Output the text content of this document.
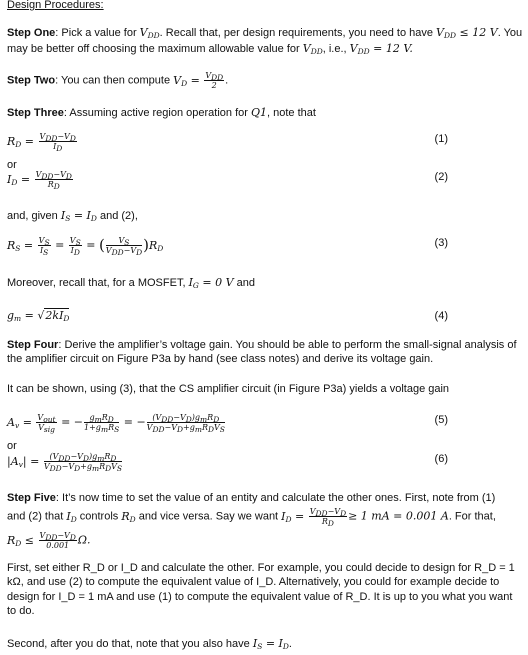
Design Procedures:
Step One: Pick a value for $V_{DD}$. Recall that, per design requirements, you need to have $V_{DD} \le 12$ V. You
may be better off choosing the maximum allowable value for $V_{DD}$, i.e., $V_{DD} = 12$ V.
Step Two: You can then compute $V_D = \frac{V_{DD}}{2}$ .
Step Three: Assuming active region operation for Q1, note that
$R_D = \frac{V_{DD}-V_D}{I_D}$	(1)
or
$I_D = \frac{V_{DD}-V_D}{R_D}$	(2)
and, given $I_S = I_D$ and (2),
$R_S = \frac{V_S}{I_S} = \frac{V_S}{I_D}$ = ( $\frac{V_S}{V_{DD}-V_D} )R_D$	(3)
Moreover, recall that, for a MOSFET, $I_G = 0$ V and
$g_m = √2kI_D$	(4)
Step Four: Derive the amplifier’s voltage gain. You should be able to perform the small-signal analysis of the amplifier circuit on Figure P3a by hand (see class notes) and derive its voltage gain.
It can be shown, using (3), that the CS amplifier circuit (in Figure P3a) yields a voltage gain
$A_v = \frac{V_{out}}{V_{sig}}$ = − $\frac{g_mR_D}{1+g_mR_S}$ = − $\frac{(V_{DD}-V_D)g_mR_D}{V_{DD}-V_D+g_mR_DV_S}$	(5)
or
$|A_v| = \frac{(V_{DD}-V_D)g_mR_D}{V_{DD}-V_D+g_mR_DV_S}$	(6)
Step Five: It’s now time to set the value of an entity and calculate the other ones. First, note from (1)
and (2) that $I_D$ controls $R_D$ and vice versa. Say we want $I_D = \frac{V_{DD}-V_D}{R_D} \ge 1$ mA = 0.001 A. For that,
$R_D \le \frac{V_{DD}-V_D}{0.001} \Omega$.
First, set either R_D or I_D and calculate the other. For example, you could decide to design for R_D = 1 kΩ, and use (2) to compute the equivalent value of I_D. Alternatively, you could for example decide to design for I_D = 1 mA and use (1) to compute the equivalent value of R_D. It is up to you what you want to do.
Second, after you do that, note that you also have $I_S = I_D$.
